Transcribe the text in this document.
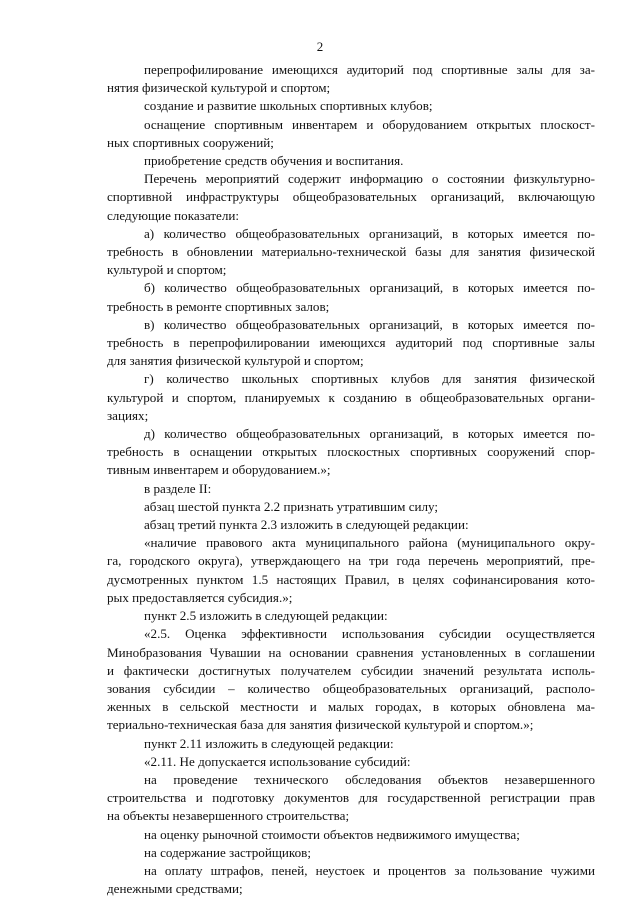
2

перепрофилирование имеющихся аудиторий под спортивные залы для за-
нятия физической культурой и спортом;

создание и развитие школьных спортивных клубов;

оснащение спортивным инвентарем и оборудованием открытых плоскост-
ных спортивных сооружений;

приобретение средств обучения и воспитания.

Перечень мероприятий содержит информацию о состоянии физкультурно-
спортивной инфраструктуры общеобразовательных организаций, включающую
следующие показатели:

а) количество общеобразовательных организаций, в которых имеется по-
требность в обновлении материально-технической базы для занятия физической
культурой и спортом;

б) количество общеобразовательных организаций, в которых имеется по-
требность в ремонте спортивных залов;

в) количество общеобразовательных организаций, в которых имеется по-
требность в перепрофилировании имеющихся аудиторий под спортивные залы
для занятия физической культурой и спортом;

г) количество школьных спортивных клубов для занятия физической
культурой и спортом, планируемых к созданию в общеобразовательных органи-
зациях;

д) количество общеобразовательных организаций, в которых имеется по-
требность в оснащении открытых плоскостных спортивных сооружений спор-
тивным инвентарем и оборудованием.»;

в разделе II:

абзац шестой пункта 2.2 признать утратившим силу;

абзац третий пункта 2.3 изложить в следующей редакции:

«наличие правового акта муниципального района (муниципального окру-
га, городского округа), утверждающего на три года перечень мероприятий, пре-
дусмотренных пунктом 1.5 настоящих Правил, в целях софинансирования кото-
рых предоставляется субсидия.»;

пункт 2.5 изложить в следующей редакции:

«2.5. Оценка эффективности использования субсидии осуществляется
Минобразования Чувашии на основании сравнения установленных в соглашении
и фактически достигнутых получателем субсидии значений результата исполь-
зования субсидии – количество общеобразовательных организаций, располо-
женных в сельской местности и малых городах, в которых обновлена ма-
териально-техническая база для занятия физической культурой и спортом.»;

пункт 2.11 изложить в следующей редакции:

«2.11. Не допускается использование субсидий:

на проведение технического обследования объектов незавершенного
строительства и подготовку документов для государственной регистрации прав
на объекты незавершенного строительства;

на оценку рыночной стоимости объектов недвижимого имущества;

на содержание застройщиков;

на оплату штрафов, пеней, неустоек и процентов за пользование чужими
денежными средствами;
